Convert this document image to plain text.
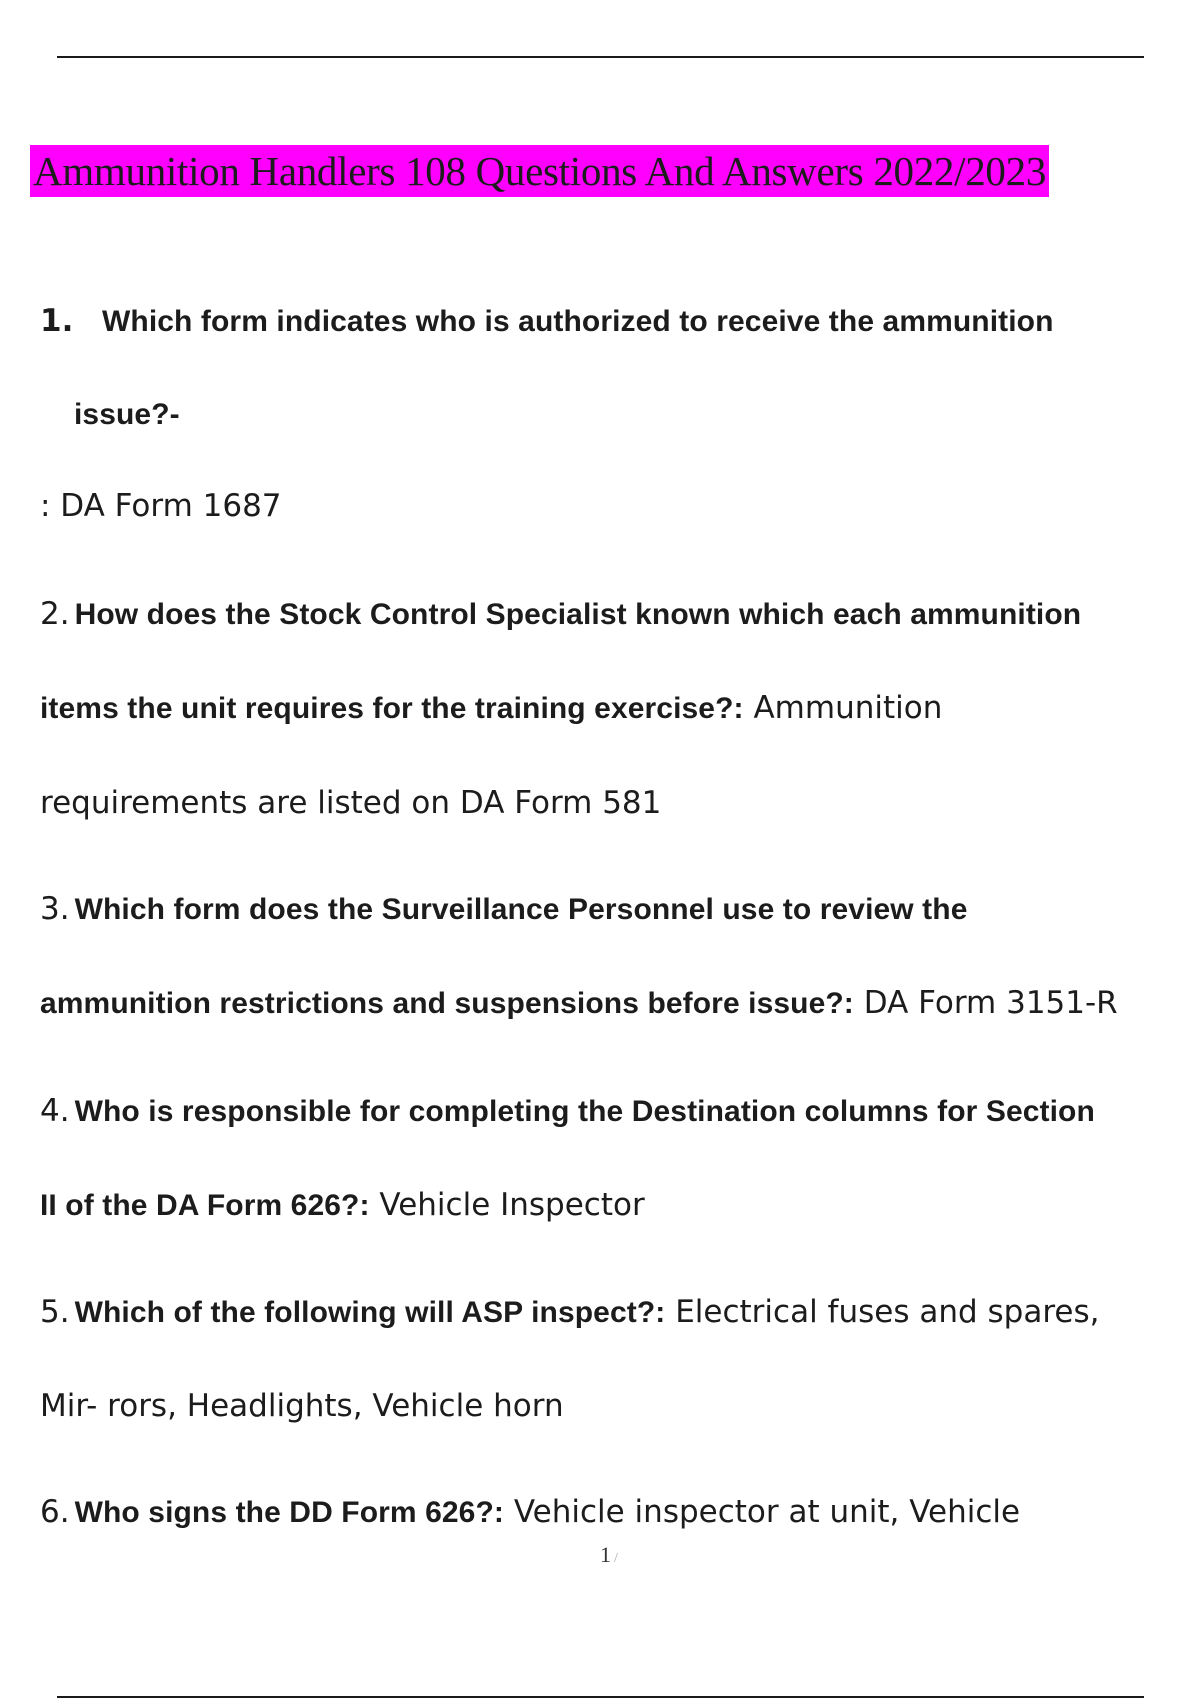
Ammunition Handlers 108 Questions And Answers 2022/2023
1. Which form indicates who is authorized to receive the ammunition
issue?-
: DA Form 1687
2. How does the Stock Control Specialist known which each ammunition
items the unit requires for the training exercise?: Ammunition
requirements are listed on DA Form 581
3. Which form does the Surveillance Personnel use to review the
ammunition restrictions and suspensions before issue?: DA Form 3151-R
4. Who is responsible for completing the Destination columns for Section
II of the DA Form 626?: Vehicle Inspector
5. Which of the following will ASP inspect?: Electrical fuses and spares,
Mir- rors, Headlights, Vehicle horn
6. Who signs the DD Form 626?: Vehicle inspector at unit, Vehicle
1 /
